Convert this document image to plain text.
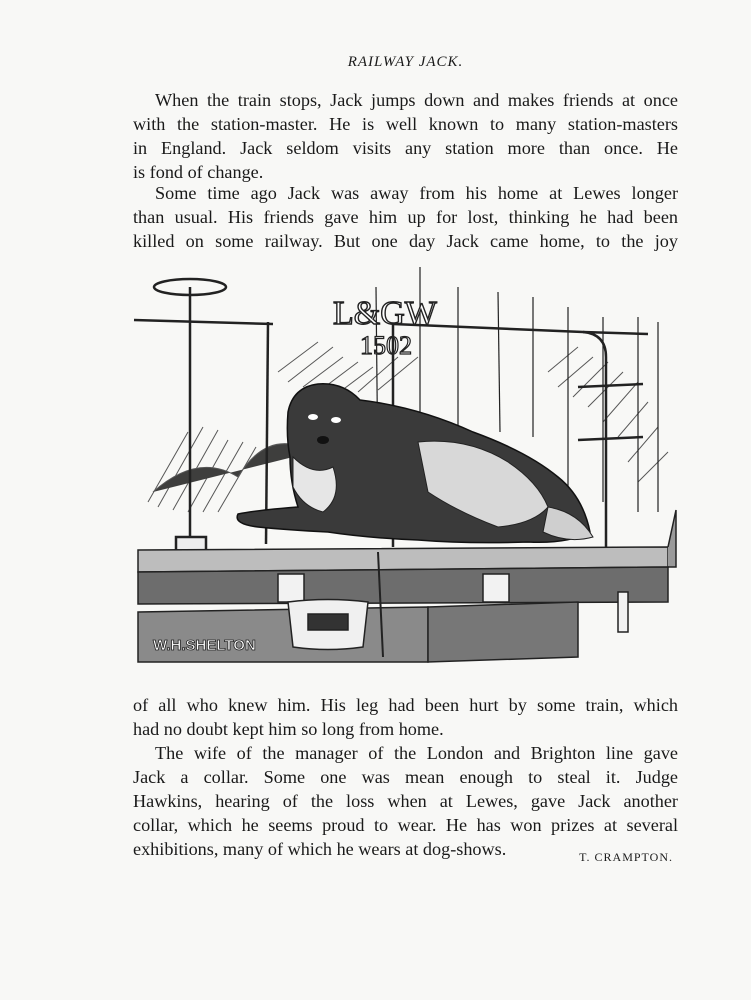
RAILWAY JACK.

When the train stops, Jack jumps down and makes friends at once
with the station-master. He is well known to many station-masters
in England. Jack seldom visits any station more than once. He
is fond of change.

Some time ago Jack was away from his home at Lewes longer
than usual. His friends gave him up for lost, thinking he had been
killed on some railway. But one day Jack came home, to the joy

L&GW
1502
W.H.SHELTON

of all who knew him. His leg had been hurt by some train, which
had no doubt kept him so long from home.

The wife of the manager of the London and Brighton line gave
Jack a collar. Some one was mean enough to steal it. Judge
Hawkins, hearing of the loss when at Lewes, gave Jack another
collar, which he seems proud to wear. He has won prizes at several
exhibitions, many of which he wears at dog-shows.	T. CRAMPTON.
